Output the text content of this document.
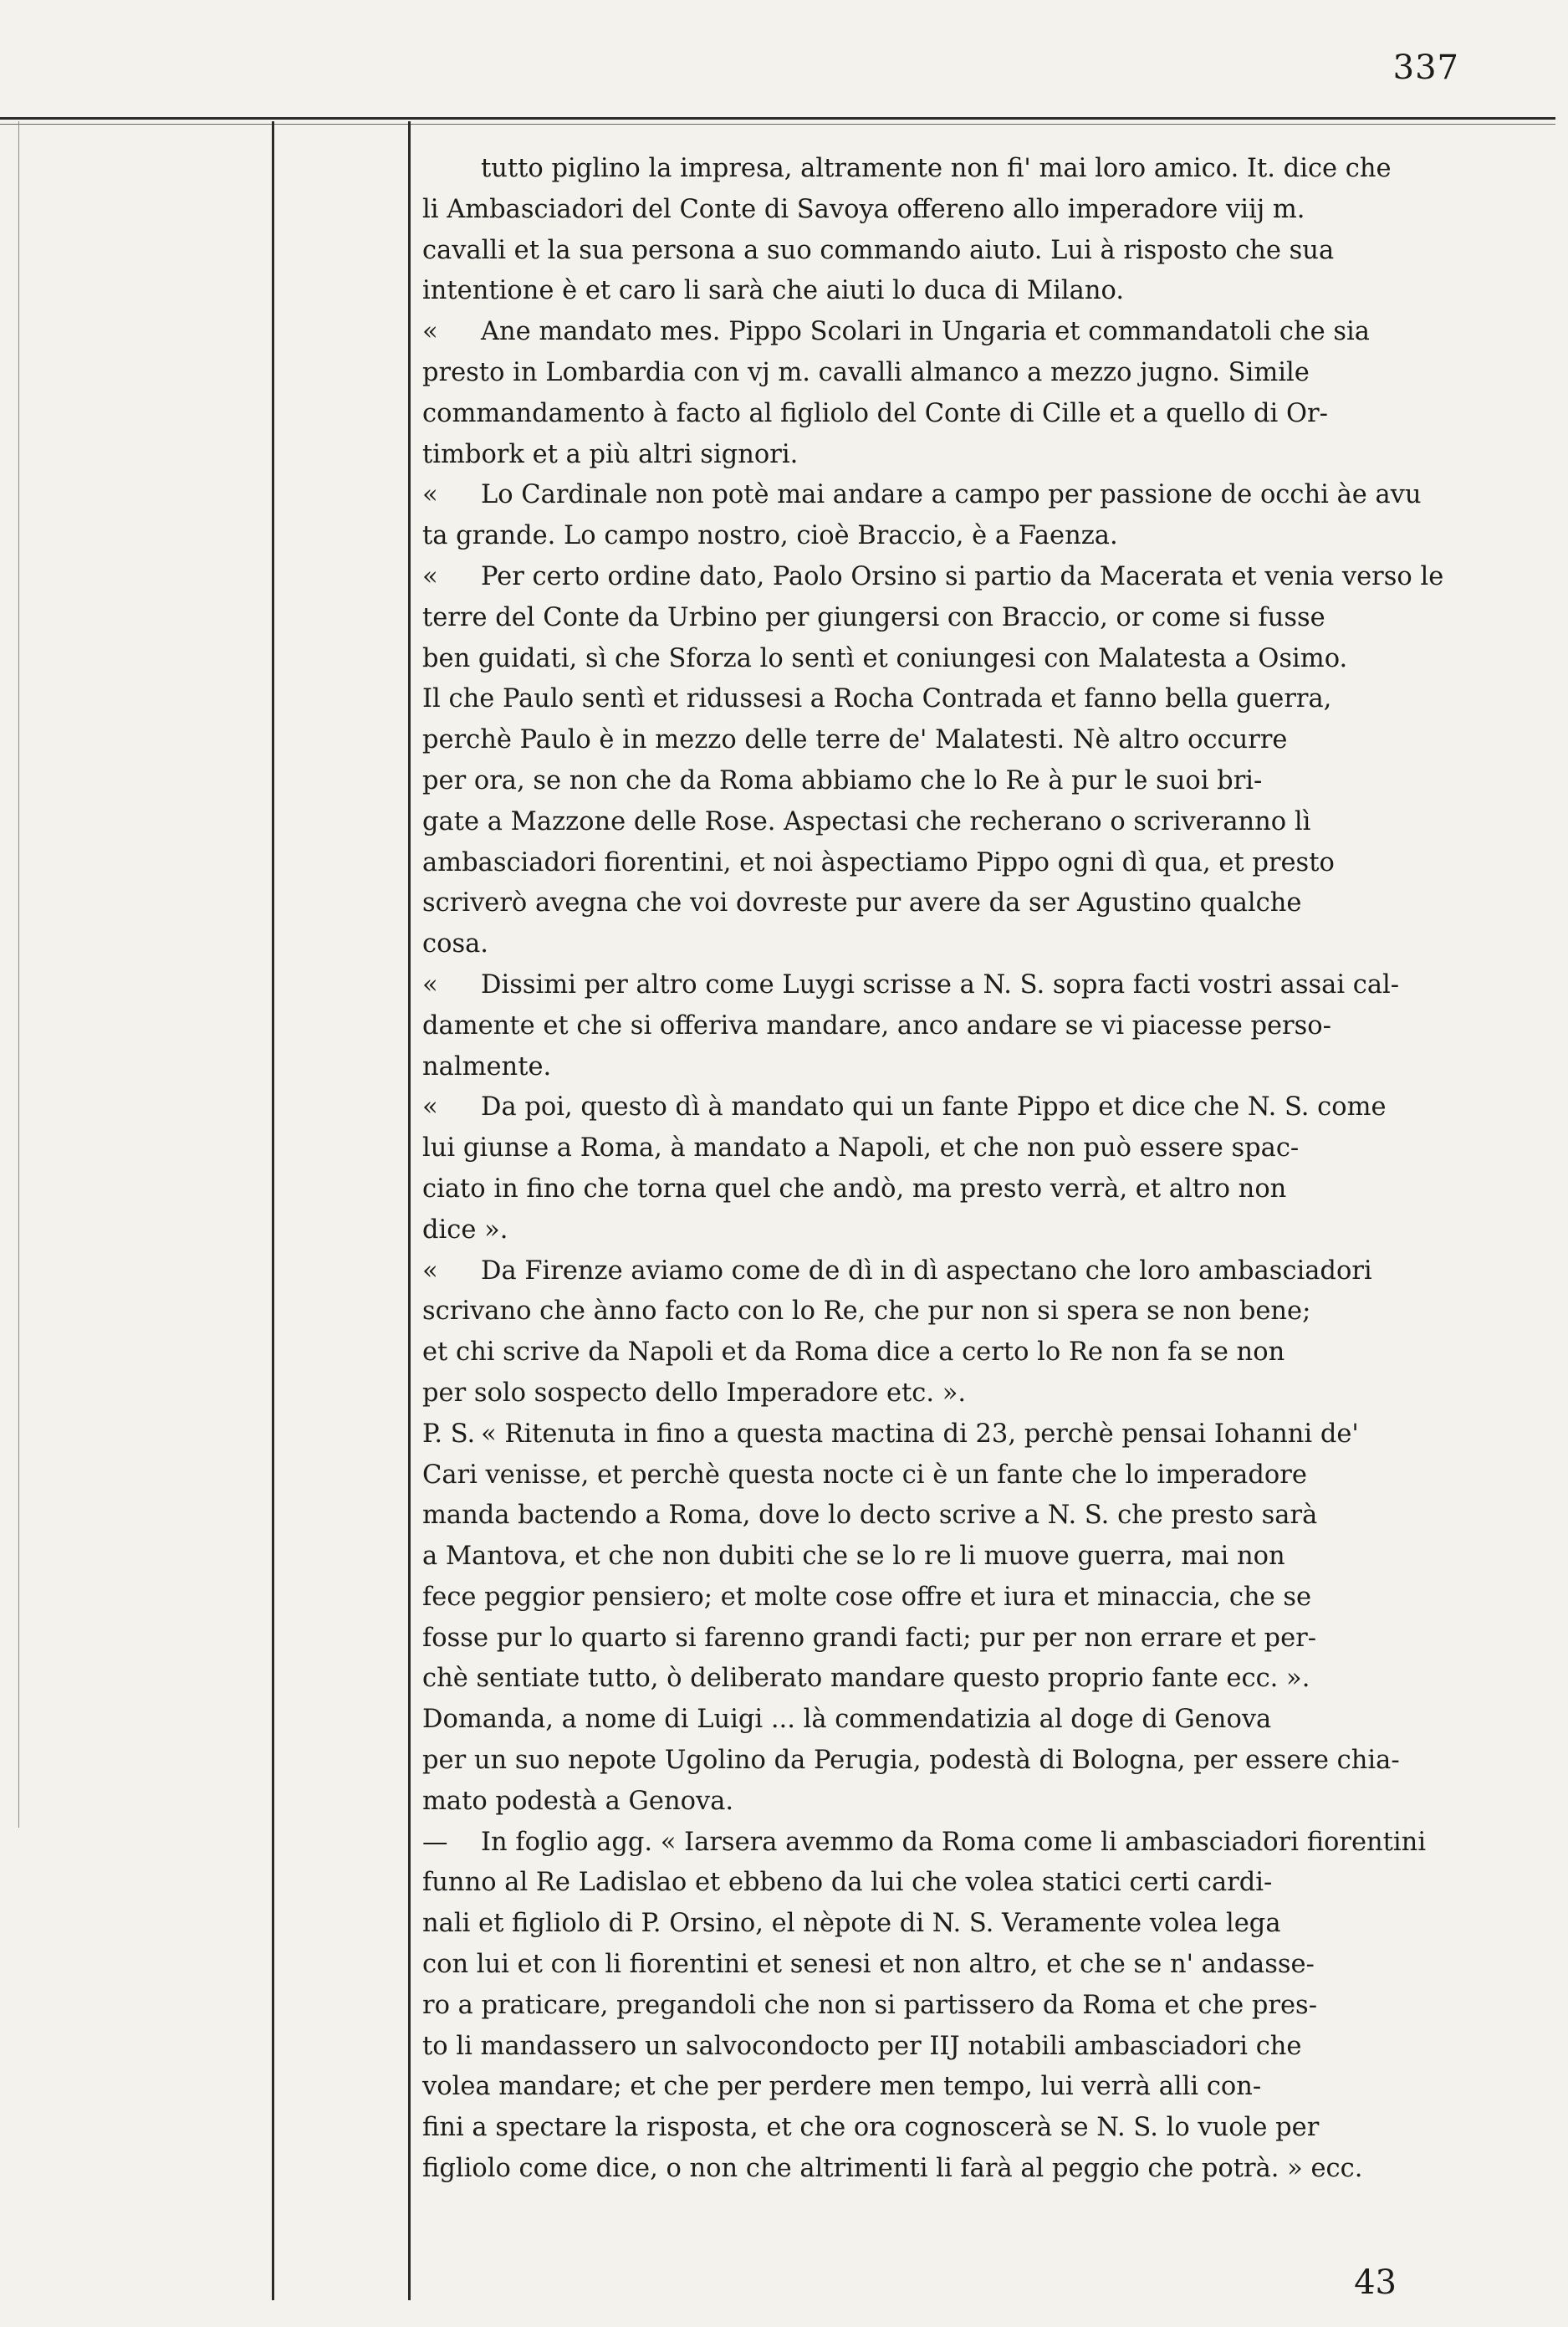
337
tutto piglino la impresa, altramente non fi' mai loro amico. It. dice che
li Ambasciadori del Conte di Savoya offereno allo imperadore viij m.
cavalli et la sua persona a suo commando aiuto. Lui à risposto che sua
intentione è et caro li sarà che aiuti lo duca di Milano.
« Ane mandato mes. Pippo Scolari in Ungaria et commandatoli che sia
presto in Lombardia con vj m. cavalli almanco a mezzo jugno. Simile
commandamento à facto al figliolo del Conte di Cille et a quello di Or-
timbork et a più altri signori.
« Lo Cardinale non potè mai andare a campo per passione de occhi àe avu
ta grande. Lo campo nostro, cioè Braccio, è a Faenza.
« Per certo ordine dato, Paolo Orsino si partio da Macerata et venia verso le
terre del Conte da Urbino per giungersi con Braccio, or come si fusse
ben guidati, sì che Sforza lo sentì et coniungesi con Malatesta a Osimo.
Il che Paulo sentì et ridussesi a Rocha Contrada et fanno bella guerra,
perchè Paulo è in mezzo delle terre de' Malatesti. Nè altro occurre
per ora, se non che da Roma abbiamo che lo Re à pur le suoi bri-
gate a Mazzone delle Rose. Aspectasi che recherano o scriveranno lì
ambasciadori fiorentini, et noi àspectiamo Pippo ogni dì qua, et presto
scriverò avegna che voi dovreste pur avere da ser Agustino qualche
cosa.
« Dissimi per altro come Luygi scrisse a N. S. sopra facti vostri assai cal-
damente et che si offeriva mandare, anco andare se vi piacesse perso-
nalmente.
« Da poi, questo dì à mandato qui un fante Pippo et dice che N. S. come
lui giunse a Roma, à mandato a Napoli, et che non può essere spac-
ciato in fino che torna quel che andò, ma presto verrà, et altro non
dice ».
« Da Firenze aviamo come de dì in dì aspectano che loro ambasciadori
scrivano che ànno facto con lo Re, che pur non si spera se non bene;
et chi scrive da Napoli et da Roma dice a certo lo Re non fa se non
per solo sospecto dello Imperadore etc. ».
P. S. « Ritenuta in fino a questa mactina di 23, perchè pensai Iohanni de'
Cari venisse, et perchè questa nocte ci è un fante che lo imperadore
manda bactendo a Roma, dove lo decto scrive a N. S. che presto sarà
a Mantova, et che non dubiti che se lo re li muove guerra, mai non
fece peggior pensiero; et molte cose offre et iura et minaccia, che se
fosse pur lo quarto si farenno grandi facti; pur per non errare et per-
chè sentiate tutto, ò deliberato mandare questo proprio fante ecc. ».
Domanda, a nome di Luigi ... là commendatizia al doge di Genova
per un suo nepote Ugolino da Perugia, podestà di Bologna, per essere chia-
mato podestà a Genova.
— In foglio agg. « Iarsera avemmo da Roma come li ambasciadori fiorentini
funno al Re Ladislao et ebbeno da lui che volea statici certi cardi-
nali et figliolo di P. Orsino, el nèpote di N. S. Veramente volea lega
con lui et con li fiorentini et senesi et non altro, et che se n' andasse-
ro a praticare, pregandoli che non si partissero da Roma et che pres-
to li mandassero un salvocondocto per IIJ notabili ambasciadori che
volea mandare; et che per perdere men tempo, lui verrà alli con-
fini a spectare la risposta, et che ora cognoscerà se N. S. lo vuole per
figliolo come dice, o non che altrimenti li farà al peggio che potrà. » ecc.
43
